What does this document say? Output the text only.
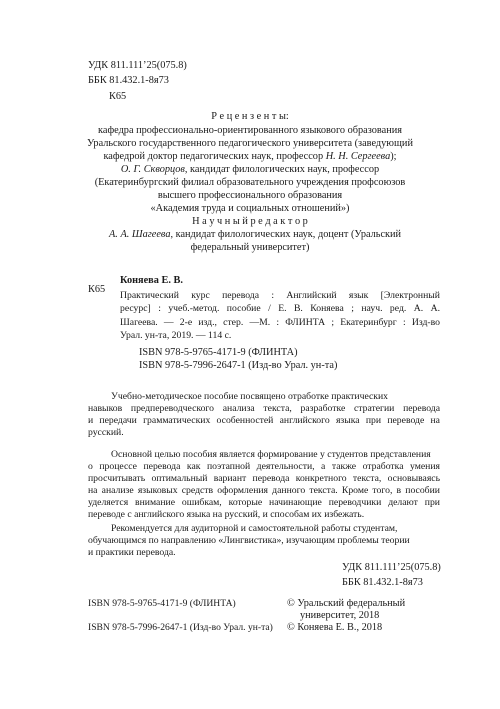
УДК 811.111’25(075.8)
ББК 81.432.1-8я73
К65
Р е ц е н з е н т ы:
кафедра профессионально-ориентированного языкового образования
Уральского государственного педагогического университета (заведующий
кафедрой доктор педагогических наук, профессор Н. Н. Сергеева);
О. Г. Скворцов, кандидат филологических наук, профессор
(Екатеринбургский филиал образовательного учреждения профсоюзов
высшего профессионального образования
«Академия труда и социальных отношений»)
Н а у ч н ы й р е д а к т о р
А. А. Шагеева, кандидат филологических наук, доцент (Уральский
федеральный университет)
К65
Коняева Е. В.
Практический курс перевода : Английский язык [Электронный
ресурс] : учеб.-метод. пособие / Е. В. Коняева ; науч. ред. А. А.
Шагеева. — 2-е изд., стер. —М. : ФЛИНТА ; Екатеринбург : Изд-во
Урал. ун-та, 2019. — 114 с.
ISBN 978-5-9765-4171-9 (ФЛИНТА)
ISBN 978-5-7996-2647-1 (Изд-во Урал. ун-та)
Учебно-методическое пособие посвящено отработке практических
навыков предпереводческого анализа текста, разработке стратегии перевода
и передачи грамматических особенностей английского языка при переводе на
русский.
Основной целью пособия является формирование у студентов представления
о процессе перевода как поэтапной деятельности, а также отработка умения
просчитывать оптимальный вариант перевода конкретного текста, основываясь
на анализе языковых средств оформления данного текста. Кроме того, в пособии
уделяется внимание ошибкам, которые начинающие переводчики делают при
переводе с английского языка на русский, и способам их избежать.
Рекомендуется для аудиторной и самостоятельной работы студентам,
обучающимся по направлению «Лингвистика», изучающим проблемы теории
и практики перевода.
УДК 811.111’25(075.8)
ББК 81.432.1-8я73
ISBN 978-5-9765-4171-9 (ФЛИНТА)
ISBN 978-5-7996-2647-1 (Изд-во Урал. ун-та)
© Уральский федеральный
университет, 2018
© Коняева Е. В., 2018
